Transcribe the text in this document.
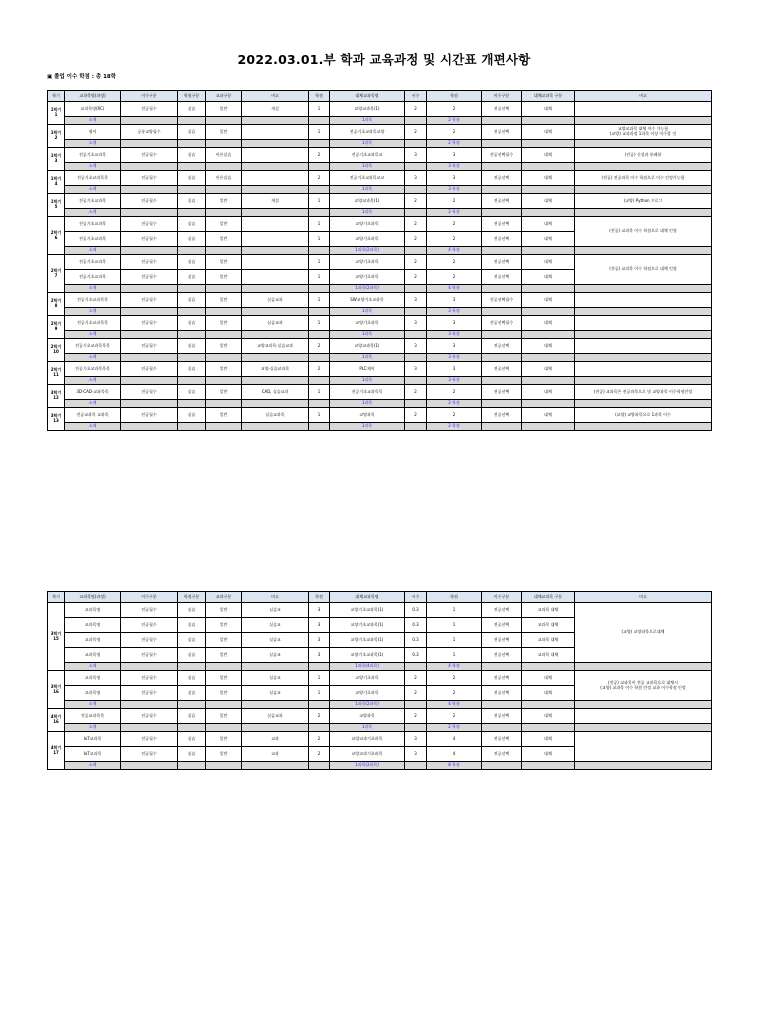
2022.03.01.부 학과 교육과정 및 시간표 개편사항
▣ 졸업 이수 학점 : 총 18학
학기	교과목명(과정)	이수구분	학점구분	교과구분	비고	학점	대체교과목명	시수	학점	이수구분	대체교과목 구분	비고
1학기
1	교과목명(RC)	전공필수	실습	일반	개설	1	교양교과목(1)	2	2	전공선택	대체	
	소계						1과목		2 학점			
1학기
2	영어	공통교양필수	실습	일반		1	전공기초교과목교양	2	2	전공선택	대체	교양교과목 대체 이수 가능함
(교양) 교과과정 1과목 이상 이수할 것
	소계						1과목		2 학점			
1학기
3	전공기초교과목	전공필수	실습	이론실습		2	전공기초교과목교	3	3	전공선택필수	대체	(전공) 신설과 통폐합
	소계						1과목		3 학점			
1학기
4	전공기초교과목목	전공필수	실습	이론실습		2	전공기초교과목교교	3	3	전공선택	대체	(전공) 전공과목 이수 학점으로 이수 인정가능함
	소계						1과목		3 학점			
1학기
5	전공기초교과목	전공필수	실습	일반	개설	1	교양교과목(1)	2	2	전공선택	대체	(교양) Python 프로그
	소계						1과목		2 학점			
2학기
6	전공기초교과목	전공필수	실습	일반		1	교양기초과목	2	2	전공선택	대체	(전공) 교과목 이수 학점으로 대체 인정
	전공기초교과목	전공필수	실습	일반		1	교양기초과목	2	2	전공선택	대체	
	소계						1과목(2과목)		4 학점			
2학기
7	전공기초교과목	전공필수	실습	일반		1	교양기초과목	2	2	전공선택	대체	(전공) 교과목 이수 학점으로 대체 인정
	전공기초교과목	전공필수	실습	일반		1	교양기초과목	2	2	전공선택	대체	
	소계						1과목(2과목)		4 학점			
2학기
8	전공기초교과목목	전공필수	실습	일반	실습교과	1	SW교양기초교과목	3	3	전공선택필수	대체	
	소계						1과목		3 학점			
2학기
9	전공기초교과목목	전공필수	실습	일반	실습교과	1	교양기초과목	3	3	전공선택필수	대체	
	소계						1과목		3 학점			
2학기
10	전공기초교과목목목	전공필수	실습	일반	교양교과목·실습교과	2	교양교과목(1)	3	3	전공선택	대체	
	소계						1과목		3 학점			
2학기
11	전공기초교과목목목	전공필수	실습	일반	교양·실습교과목	2	PLC제어	3	3	전공선택	대체	
	소계						1과목		3 학점			
3학기
12	3D·CAD·교과목목	전공필수	실습	일반	CAD, 실습교과	1	전공기초교과목목	2	2	전공선택	대체	(전공) 교과목은 전공과목으로 및 교양과목 이수학점인정
	소계						1과목		2 학점			
3학기
13	전공교과목 교과목	전공필수	실습	일반	실습교과목	1	교양과목	2	2	전공선택	대체	(교양) 교양과목으로 1과목 이수
	소계						1과목		2 학점			
학기	교과목명(과정)	이수구분	학점구분	교과구분	비고	학점	대체교과목명	시수	학점	이수구분	대체교과목 구분	비고
3학기
15	교과목명	전공필수	실습	일반	실습교	3	교양기초교과목(1)	0.3	1	전공선택	교과목 대체	(교양) 교양과목으로대체
	교과목명	전공필수	실습	일반	실습교	3	교양기초교과목(1)	0.3	1	전공선택	교과목 대체	
	교과목명	전공필수	실습	일반	실습교	3	교양기초교과목(1)	0.3	1	전공선택	교과목 대체	
	교과목명	전공필수	실습	일반	실습교	3	교양기초교과목(1)	0.3	1	전공선택	교과목 대체	
	소계						1과목(4과목)		4 학점			
3학기
16	교과목명	전공필수	실습	일반	실습교	1	교양기초과목	2	2	전공선택	대체	(전공) 교과목이 전공 교과목으로 대체시
(교양) 교과목 이수 학점 인정 교과 이수학점 인정
	교과목명	전공필수	실습	일반	실습교	1	교양기초과목	2	2	전공선택	대체	
	소계						1과목(2과목)		4 학점			
4학기
16	전공교과목목	전공필수	실습	일반	실습교과	2	교양과목	2	2	전공선택	대체	
	소계						1과목		2 학점			
4학기
17	IoT교과목	전공필수	실습	일반	교과	2	교양교과기초과목	3	4	전공선택	대체	
	IoT교과목	전공필수	실습	일반	교과	2	교양교과기초과목	3	4	전공선택	대체	
	소계						1과목(2과목)		8 학점			
